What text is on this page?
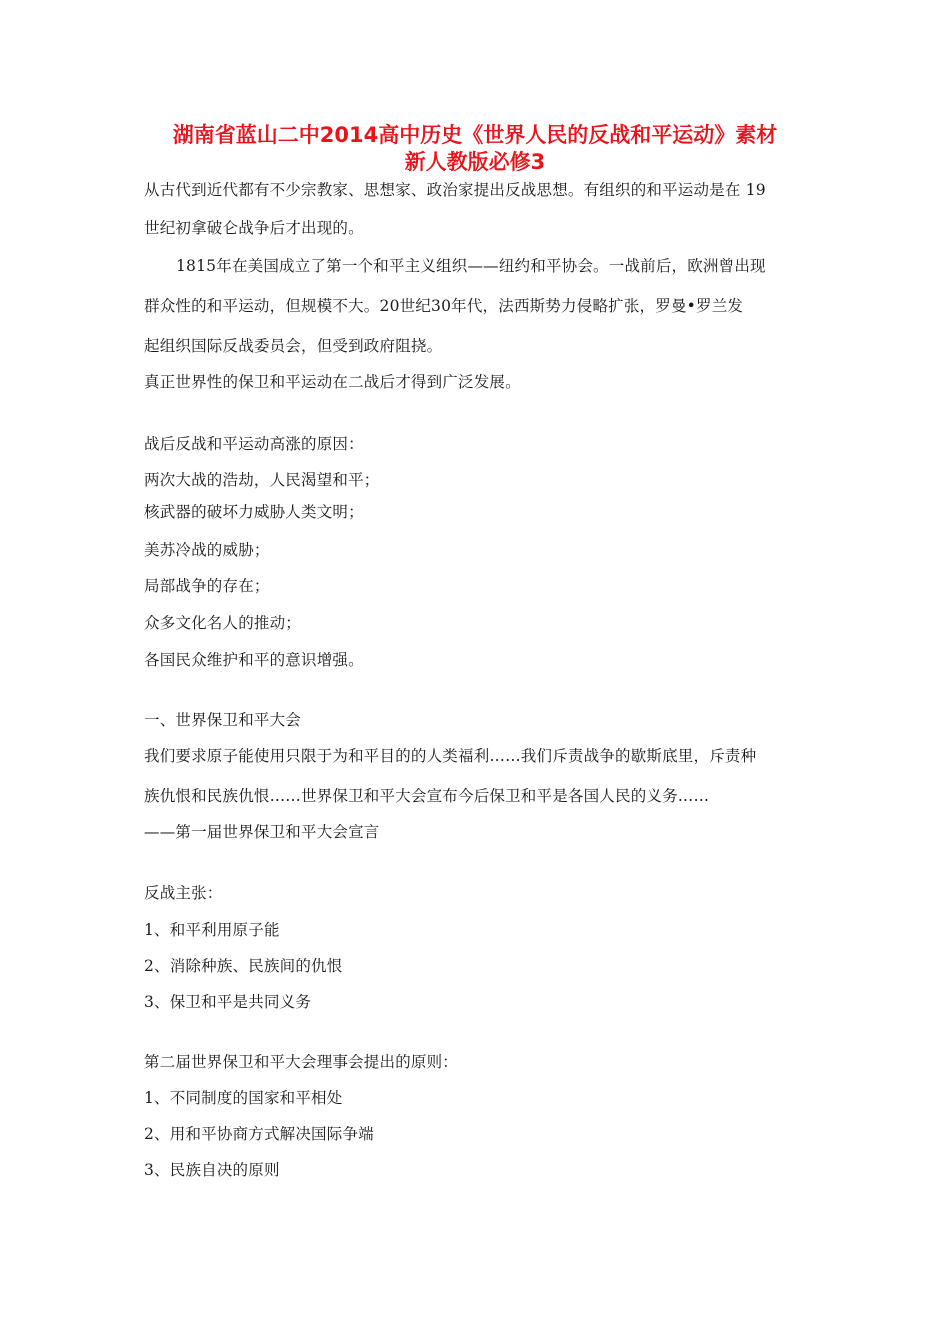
湖南省蓝山二中2014高中历史《世界人民的反战和平运动》素材
新人教版必修3
从古代到近代都有不少宗教家、思想家、政治家提出反战思想。有组织的和平运动是在 19
世纪初拿破仑战争后才出现的。
1815年在美国成立了第一个和平主义组织——纽约和平协会。一战前后，欧洲曾出现
群众性的和平运动，但规模不大。20世纪30年代，法西斯势力侵略扩张，罗曼•罗兰发
起组织国际反战委员会，但受到政府阻挠。
真正世界性的保卫和平运动在二战后才得到广泛发展。
战后反战和平运动高涨的原因：
两次大战的浩劫，人民渴望和平；
核武器的破坏力威胁人类文明；
美苏冷战的威胁；
局部战争的存在；
众多文化名人的推动；
各国民众维护和平的意识增强。
一、世界保卫和平大会
我们要求原子能使用只限于为和平目的的人类福利……我们斥责战争的歇斯底里，斥责种
族仇恨和民族仇恨……世界保卫和平大会宣布今后保卫和平是各国人民的义务……
——第一届世界保卫和平大会宣言
反战主张：
1、和平利用原子能
2、消除种族、民族间的仇恨
3、保卫和平是共同义务
第二届世界保卫和平大会理事会提出的原则：
1、不同制度的国家和平相处
2、用和平协商方式解决国际争端
3、民族自决的原则
